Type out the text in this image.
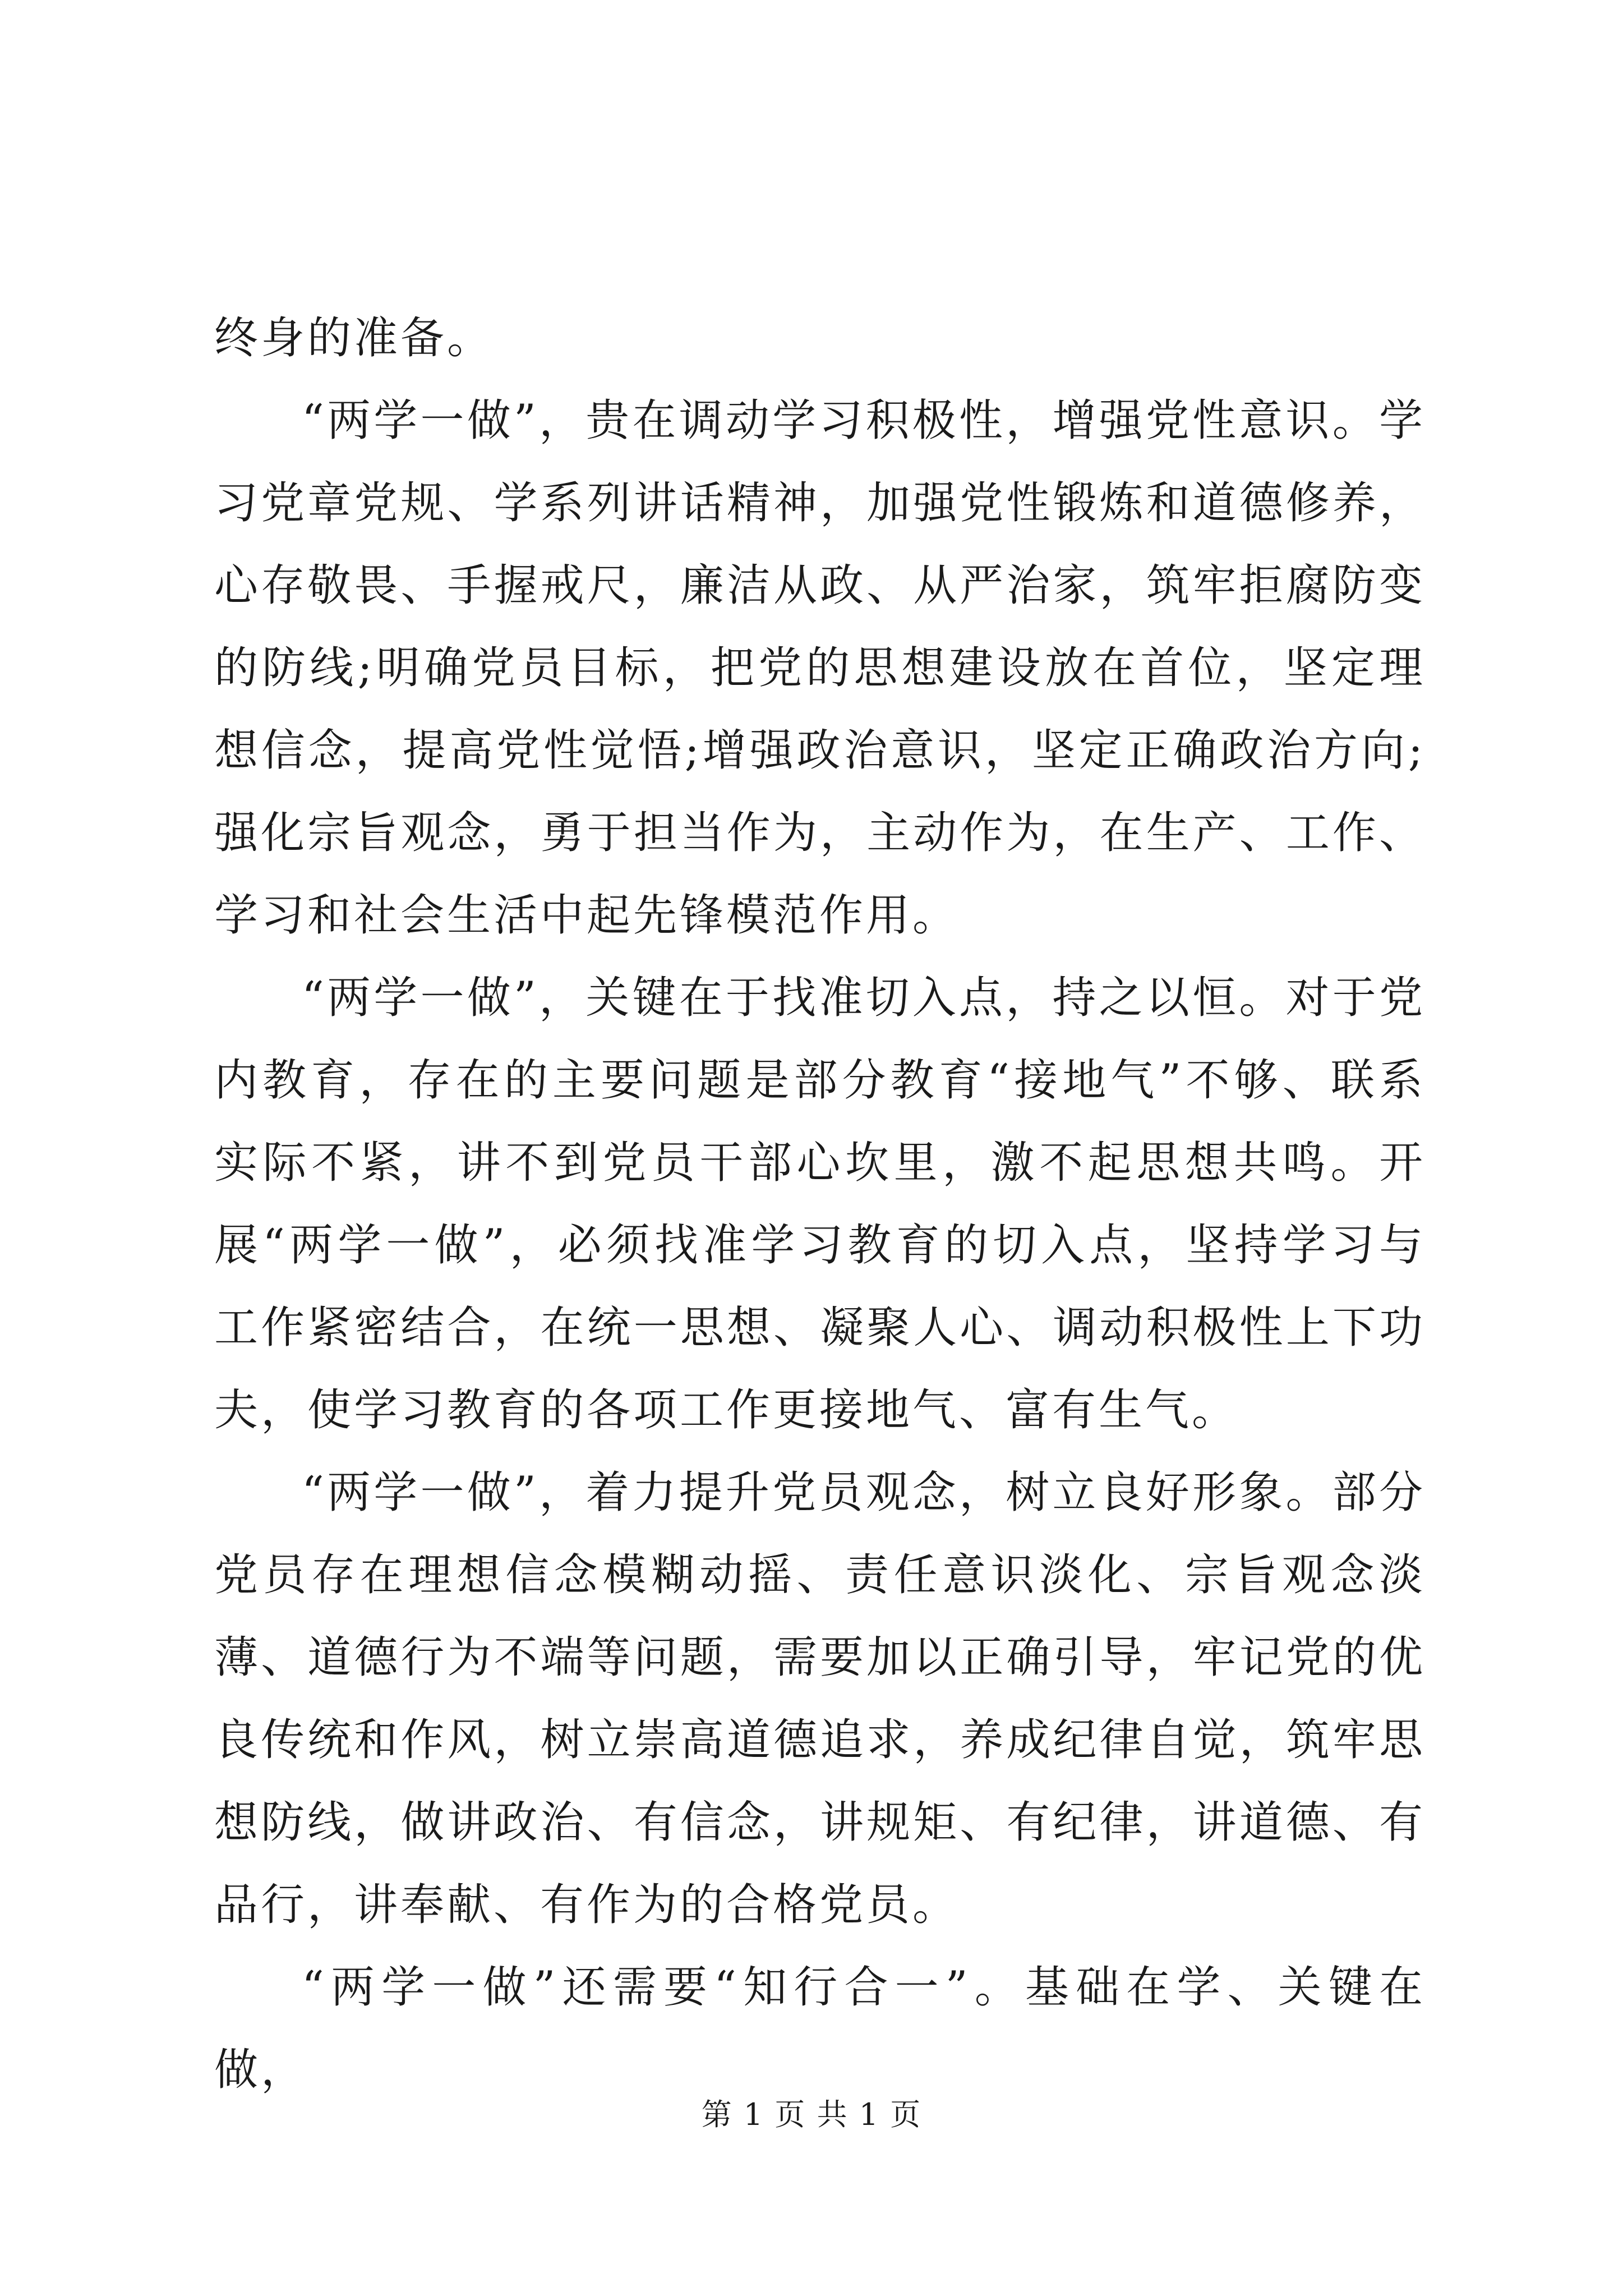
终身的准备。

“两学一做”，贵在调动学习积极性，增强党性意识。学习党章党规、学系列讲话精神，加强党性锻炼和道德修养，心存敬畏、手握戒尺，廉洁从政、从严治家，筑牢拒腐防变的防线;明确党员目标，把党的思想建设放在首位，坚定理想信念，提高党性觉悟;增强政治意识，坚定正确政治方向;强化宗旨观念，勇于担当作为，主动作为，在生产、工作、学习和社会生活中起先锋模范作用。

“两学一做”，关键在于找准切入点，持之以恒。对于党内教育，存在的主要问题是部分教育“接地气”不够、联系实际不紧，讲不到党员干部心坎里，激不起思想共鸣。开展“两学一做”，必须找准学习教育的切入点，坚持学习与工作紧密结合，在统一思想、凝聚人心、调动积极性上下功夫，使学习教育的各项工作更接地气、富有生气。

“两学一做”，着力提升党员观念，树立良好形象。部分党员存在理想信念模糊动摇、责任意识淡化、宗旨观念淡薄、道德行为不端等问题，需要加以正确引导，牢记党的优良传统和作风，树立崇高道德追求，养成纪律自觉，筑牢思想防线，做讲政治、有信念，讲规矩、有纪律，讲道德、有品行，讲奉献、有作为的合格党员。

“两学一做”还需要“知行合一”。基础在学、关键在做，

第 1 页 共 1 页
